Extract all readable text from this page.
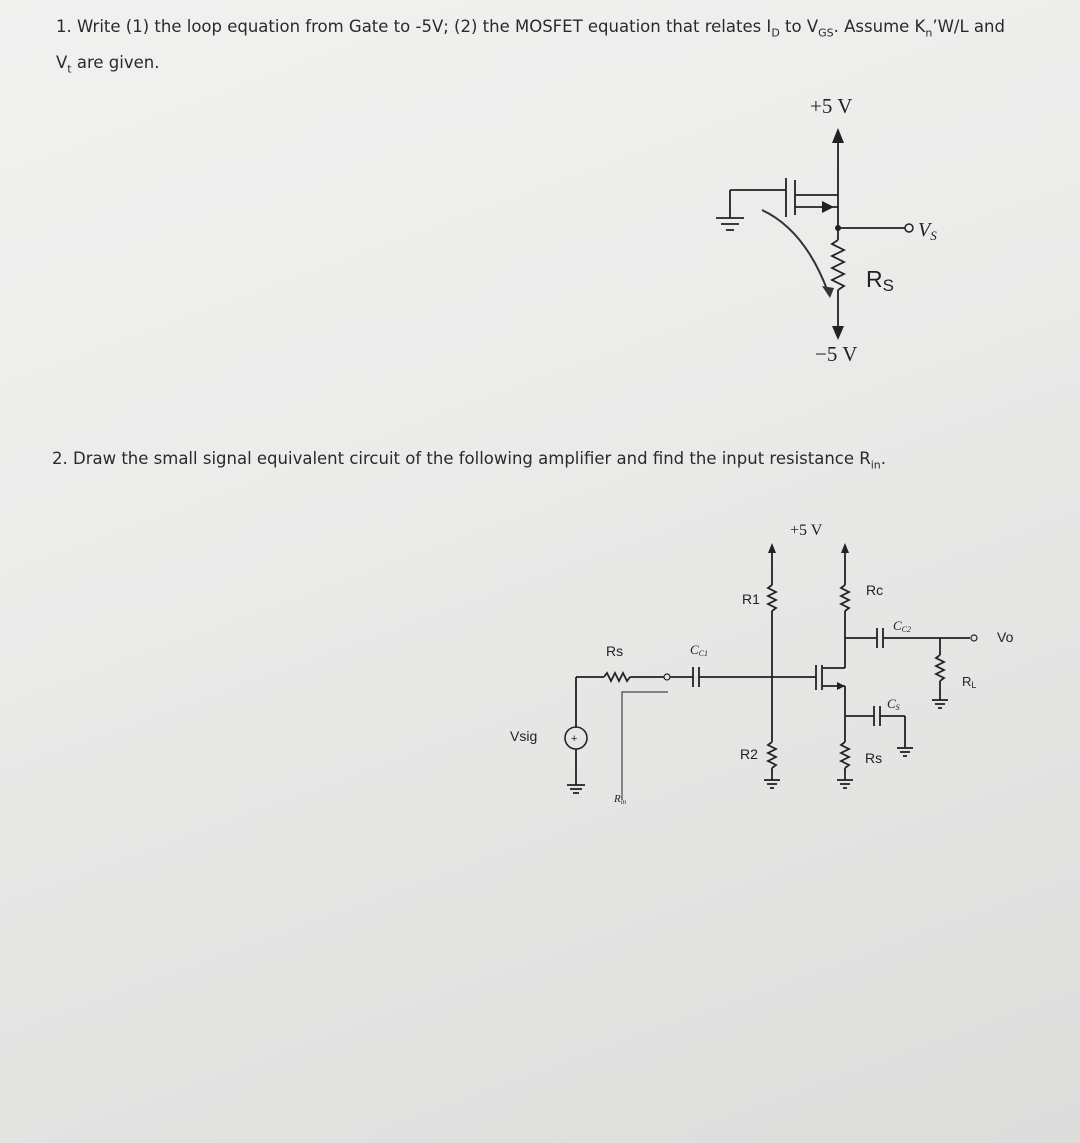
1. Write (1) the loop equation from Gate to -5V; (2) the MOSFET equation that relates $I_D$ to $V_{GS}$. Assume $K_n’W/L$ and $V_t$ are given.
2. Draw the small signal equivalent circuit of the following amplifier and find the input resistance $R_{in}$.
+5 V
$V_S$
RS
−5 V
+5 V
R1
R2
+
Vsig
Rs	CC1
Rin
Rc
CC2	Vo
RL
CS
Rs
